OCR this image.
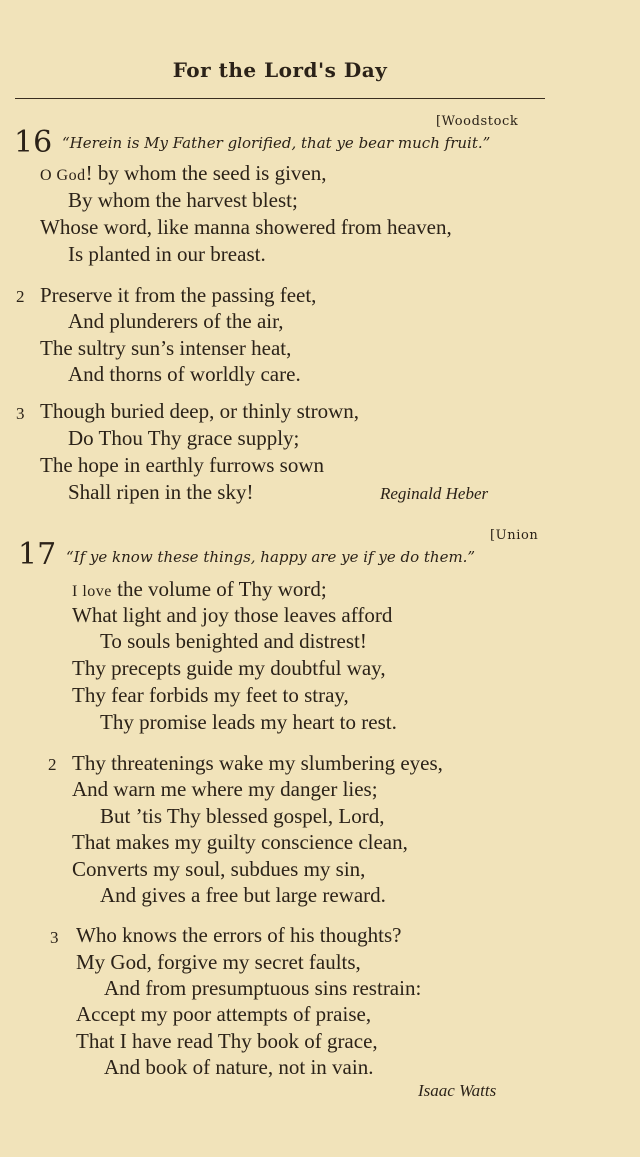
For the Lord's Day
[Woodstock
16 “Herein is My Father glorified, that ye bear much fruit.”
O God! by whom the seed is given,
By whom the harvest blest;
Whose word, like manna showered from heaven,
Is planted in our breast.
2 Preserve it from the passing feet,
And plunderers of the air,
The sultry sun’s intenser heat,
And thorns of worldly care.
3 Though buried deep, or thinly strown,
Do Thou Thy grace supply;
The hope in earthly furrows sown
Shall ripen in the sky!	Reginald Heber
[Union
17 “If ye know these things, happy are ye if ye do them.”
I love the volume of Thy word;
What light and joy those leaves afford
To souls benighted and distrest!
Thy precepts guide my doubtful way,
Thy fear forbids my feet to stray,
Thy promise leads my heart to rest.
2 Thy threatenings wake my slumbering eyes,
And warn me where my danger lies;
But ’tis Thy blessed gospel, Lord,
That makes my guilty conscience clean,
Converts my soul, subdues my sin,
And gives a free but large reward.
3 Who knows the errors of his thoughts?
My God, forgive my secret faults,
And from presumptuous sins restrain:
Accept my poor attempts of praise,
That I have read Thy book of grace,
And book of nature, not in vain.
Isaac Watts
